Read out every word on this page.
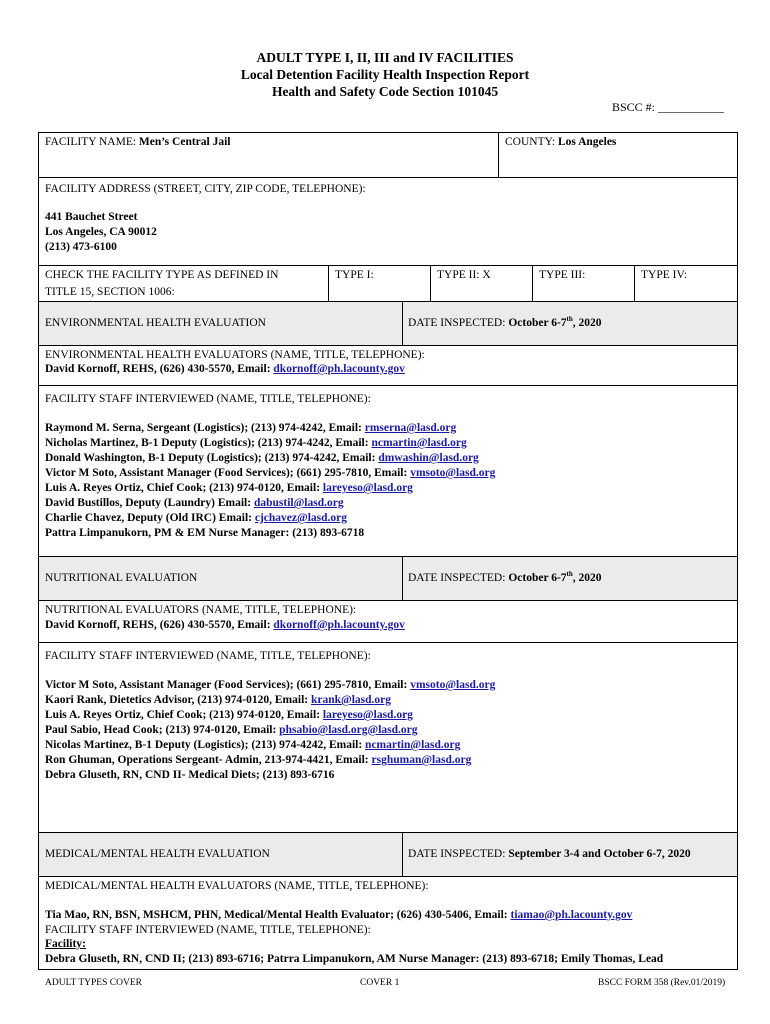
ADULT TYPE I, II, III and IV FACILITIES
Local Detention Facility Health Inspection Report
Health and Safety Code Section 101045
BSCC #: ___________
FACILITY NAME: Men’s Central Jail	COUNTY: Los Angeles
FACILITY ADDRESS (STREET, CITY, ZIP CODE, TELEPHONE):
441 Bauchet Street
Los Angeles, CA 90012
(213) 473-6100
CHECK THE FACILITY TYPE AS DEFINED IN
TITLE 15, SECTION 1006:
TYPE I:	TYPE II: X	TYPE III:	TYPE IV:
ENVIRONMENTAL HEALTH EVALUATION	DATE INSPECTED: October 6-7th, 2020
ENVIRONMENTAL HEALTH EVALUATORS (NAME, TITLE, TELEPHONE):
David Kornoff, REHS, (626) 430-5570, Email: dkornoff@ph.lacounty.gov
FACILITY STAFF INTERVIEWED (NAME, TITLE, TELEPHONE):
Raymond M. Serna, Sergeant (Logistics); (213) 974-4242, Email: rmserna@lasd.org
Nicholas Martinez, B-1 Deputy (Logistics); (213) 974-4242, Email: ncmartin@lasd.org
Donald Washington, B-1 Deputy (Logistics); (213) 974-4242, Email: dmwashin@lasd.org
Victor M Soto, Assistant Manager (Food Services); (661) 295-7810, Email: vmsoto@lasd.org
Luis A. Reyes Ortiz, Chief Cook; (213) 974-0120, Email: lareyeso@lasd.org
David Bustillos, Deputy (Laundry) Email: dabustil@lasd.org
Charlie Chavez, Deputy (Old IRC) Email: cjchavez@lasd.org
Pattra Limpanukorn, PM & EM Nurse Manager: (213) 893-6718
NUTRITIONAL EVALUATION	DATE INSPECTED: October 6-7th, 2020
NUTRITIONAL EVALUATORS (NAME, TITLE, TELEPHONE):
David Kornoff, REHS, (626) 430-5570, Email: dkornoff@ph.lacounty.gov
FACILITY STAFF INTERVIEWED (NAME, TITLE, TELEPHONE):
Victor M Soto, Assistant Manager (Food Services); (661) 295-7810, Email: vmsoto@lasd.org
Kaori Rank, Dietetics Advisor, (213) 974-0120, Email: krank@lasd.org
Luis A. Reyes Ortiz, Chief Cook; (213) 974-0120, Email: lareyeso@lasd.org
Paul Sabio, Head Cook; (213) 974-0120, Email: phsabio@lasd.org@lasd.org
Nicolas Martinez, B-1 Deputy (Logistics); (213) 974-4242, Email: ncmartin@lasd.org
Ron Ghuman, Operations Sergeant- Admin, 213-974-4421, Email: rsghuman@lasd.org
Debra Gluseth, RN, CND II- Medical Diets; (213) 893-6716
MEDICAL/MENTAL HEALTH EVALUATION	DATE INSPECTED: September 3-4 and October 6-7, 2020
MEDICAL/MENTAL HEALTH EVALUATORS (NAME, TITLE, TELEPHONE):
Tia Mao, RN, BSN, MSHCM, PHN, Medical/Mental Health Evaluator; (626) 430-5406, Email: tiamao@ph.lacounty.gov
FACILITY STAFF INTERVIEWED (NAME, TITLE, TELEPHONE):
Facility:
Debra Gluseth, RN, CND II; (213) 893-6716; Patrra Limpanukorn, AM Nurse Manager: (213) 893-6718; Emily Thomas, Lead
ADULT TYPES COVER	COVER 1	BSCC FORM 358 (Rev.01/2019)
